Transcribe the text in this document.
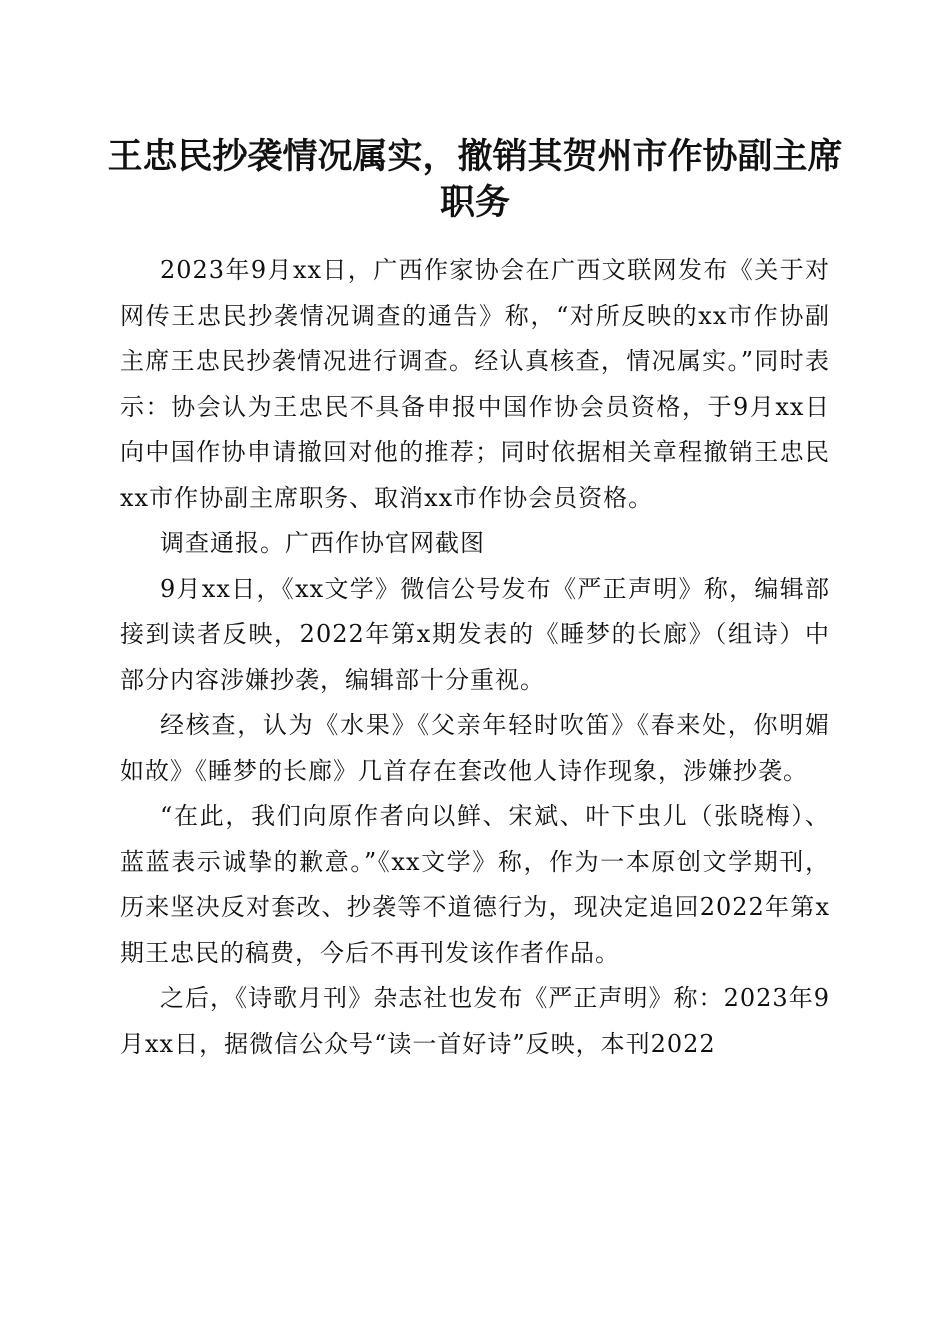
王忠民抄袭情况属实，撤销其贺州市作协副主席职务

2023年9月xx日，广西作家协会在广西文联网发布《关于对网传王忠民抄袭情况调查的通告》称，“对所反映的xx市作协副主席王忠民抄袭情况进行调查。经认真核查，情况属实。”同时表示：协会认为王忠民不具备申报中国作协会员资格，于9月xx日向中国作协申请撤回对他的推荐；同时依据相关章程撤销王忠民xx市作协副主席职务、取消xx市作协会员资格。

调查通报。广西作协官网截图

9月xx日，《xx文学》微信公号发布《严正声明》称，编辑部接到读者反映，2022年第x期发表的《睡梦的长廊》（组诗）中部分内容涉嫌抄袭，编辑部十分重视。

经核查，认为《水果》《父亲年轻时吹笛》《春来处，你明媚如故》《睡梦的长廊》几首存在套改他人诗作现象，涉嫌抄袭。

“在此，我们向原作者向以鲜、宋斌、叶下虫儿（张晓梅）、蓝蓝表示诚挚的歉意。”《xx文学》称，作为一本原创文学期刊，历来坚决反对套改、抄袭等不道德行为，现决定追回2022年第x期王忠民的稿费，今后不再刊发该作者作品。

之后，《诗歌月刊》杂志社也发布《严正声明》称：2023年9月xx日，据微信公众号“读一首好诗”反映，本刊2022
